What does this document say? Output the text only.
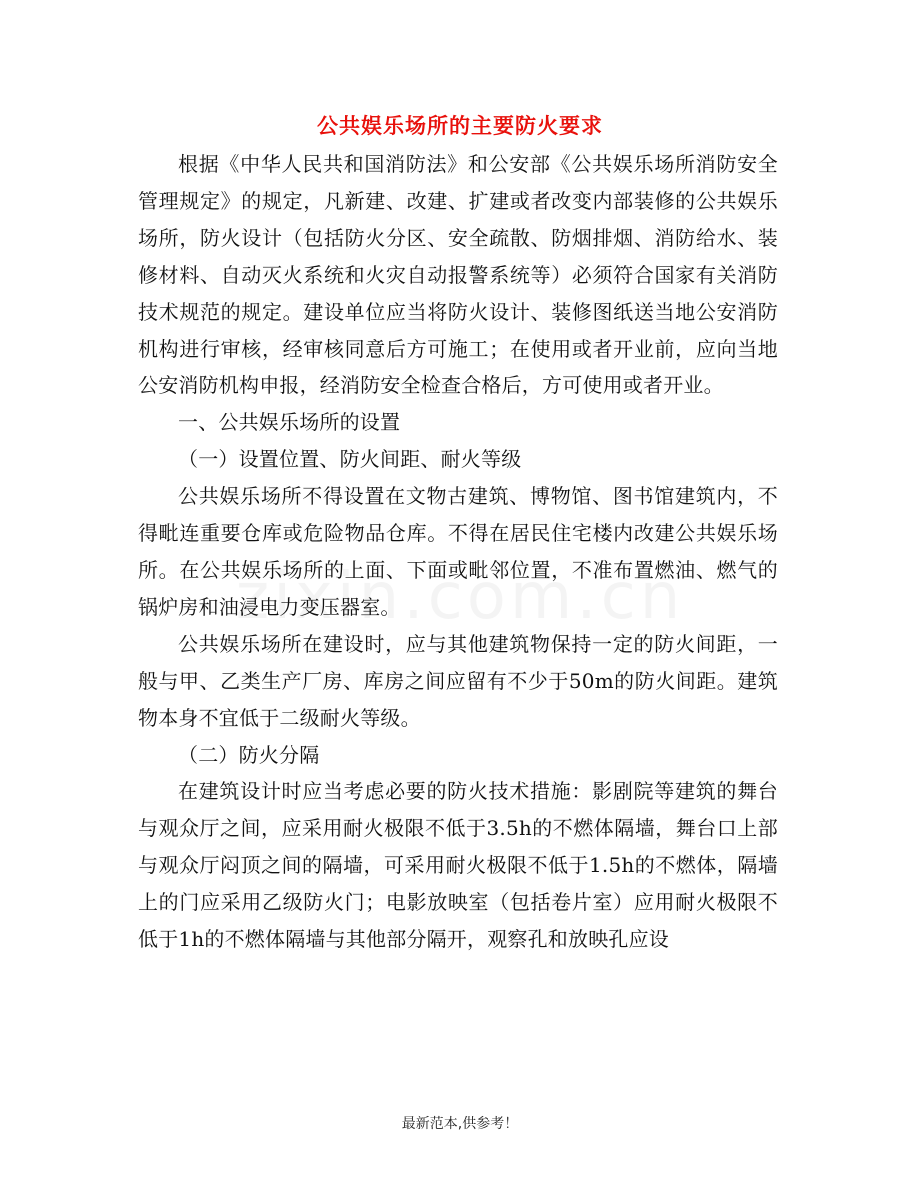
公共娱乐场所的主要防火要求

根据《中华人民共和国消防法》和公安部《公共娱乐场所消防安全管理规定》的规定，凡新建、改建、扩建或者改变内部装修的公共娱乐场所，防火设计（包括防火分区、安全疏散、防烟排烟、消防给水、装修材料、自动灭火系统和火灾自动报警系统等）必须符合国家有关消防技术规范的规定。建设单位应当将防火设计、装修图纸送当地公安消防机构进行审核，经审核同意后方可施工；在使用或者开业前，应向当地公安消防机构申报，经消防安全检查合格后，方可使用或者开业。

一、公共娱乐场所的设置

（一）设置位置、防火间距、耐火等级

公共娱乐场所不得设置在文物古建筑、博物馆、图书馆建筑内，不得毗连重要仓库或危险物品仓库。不得在居民住宅楼内改建公共娱乐场所。在公共娱乐场所的上面、下面或毗邻位置，不准布置燃油、燃气的锅炉房和油浸电力变压器室。

公共娱乐场所在建设时，应与其他建筑物保持一定的防火间距，一般与甲、乙类生产厂房、库房之间应留有不少于50m的防火间距。建筑物本身不宜低于二级耐火等级。

（二）防火分隔

在建筑设计时应当考虑必要的防火技术措施：影剧院等建筑的舞台与观众厅之间，应采用耐火极限不低于3.5h的不燃体隔墙，舞台口上部与观众厅闷顶之间的隔墙，可采用耐火极限不低于1.5h的不燃体，隔墙上的门应采用乙级防火门；电影放映室（包括卷片室）应用耐火极限不低于1h的不燃体隔墙与其他部分隔开，观察孔和放映孔应设

最新范本,供参考！
